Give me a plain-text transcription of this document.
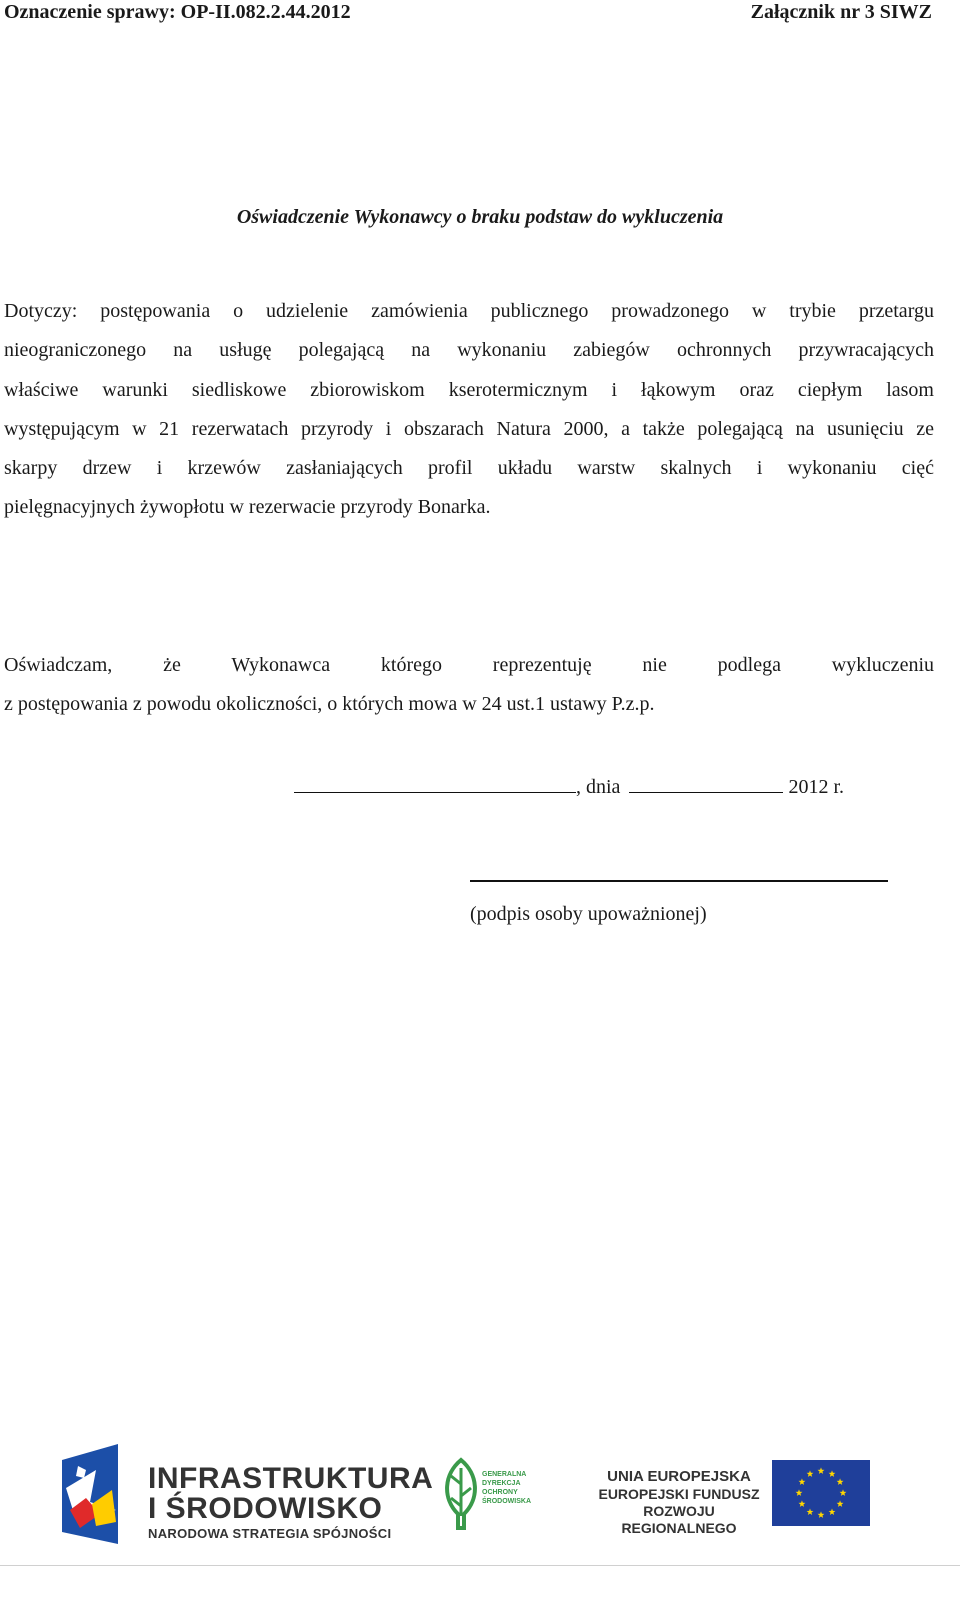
Oznaczenie sprawy: OP-II.082.2.44.2012	Załącznik nr 3 SIWZ
Oświadczenie Wykonawcy o braku podstaw do wykluczenia
Dotyczy: postępowania o udzielenie zamówienia publicznego prowadzonego w trybie przetargu
nieograniczonego na usługę polegającą na wykonaniu zabiegów ochronnych przywracających
właściwe warunki siedliskowe zbiorowiskom kserotermicznym i łąkowym oraz ciepłym lasom
występującym w 21 rezerwatach przyrody i obszarach Natura 2000, a także polegającą na usunięciu ze
skarpy drzew i krzewów zasłaniających profil układu warstw skalnych i wykonaniu cięć
pielęgnacyjnych żywopłotu w rezerwacie przyrody Bonarka.
Oświadczam, że Wykonawca którego reprezentuję nie podlega wykluczeniu
z postępowania z powodu okoliczności, o których mowa w 24 ust.1 ustawy P.z.p.
, dnia	2012 r.
(podpis osoby upoważnionej)
INFRASTRUKTURA
I ŚRODOWISKO
NARODOWA STRATEGIA SPÓJNOŚCI
GENERALNA
DYREKCJA
OCHRONY
ŚRODOWISKA
UNIA EUROPEJSKA
EUROPEJSKI FUNDUSZ
ROZWOJU REGIONALNEGO
